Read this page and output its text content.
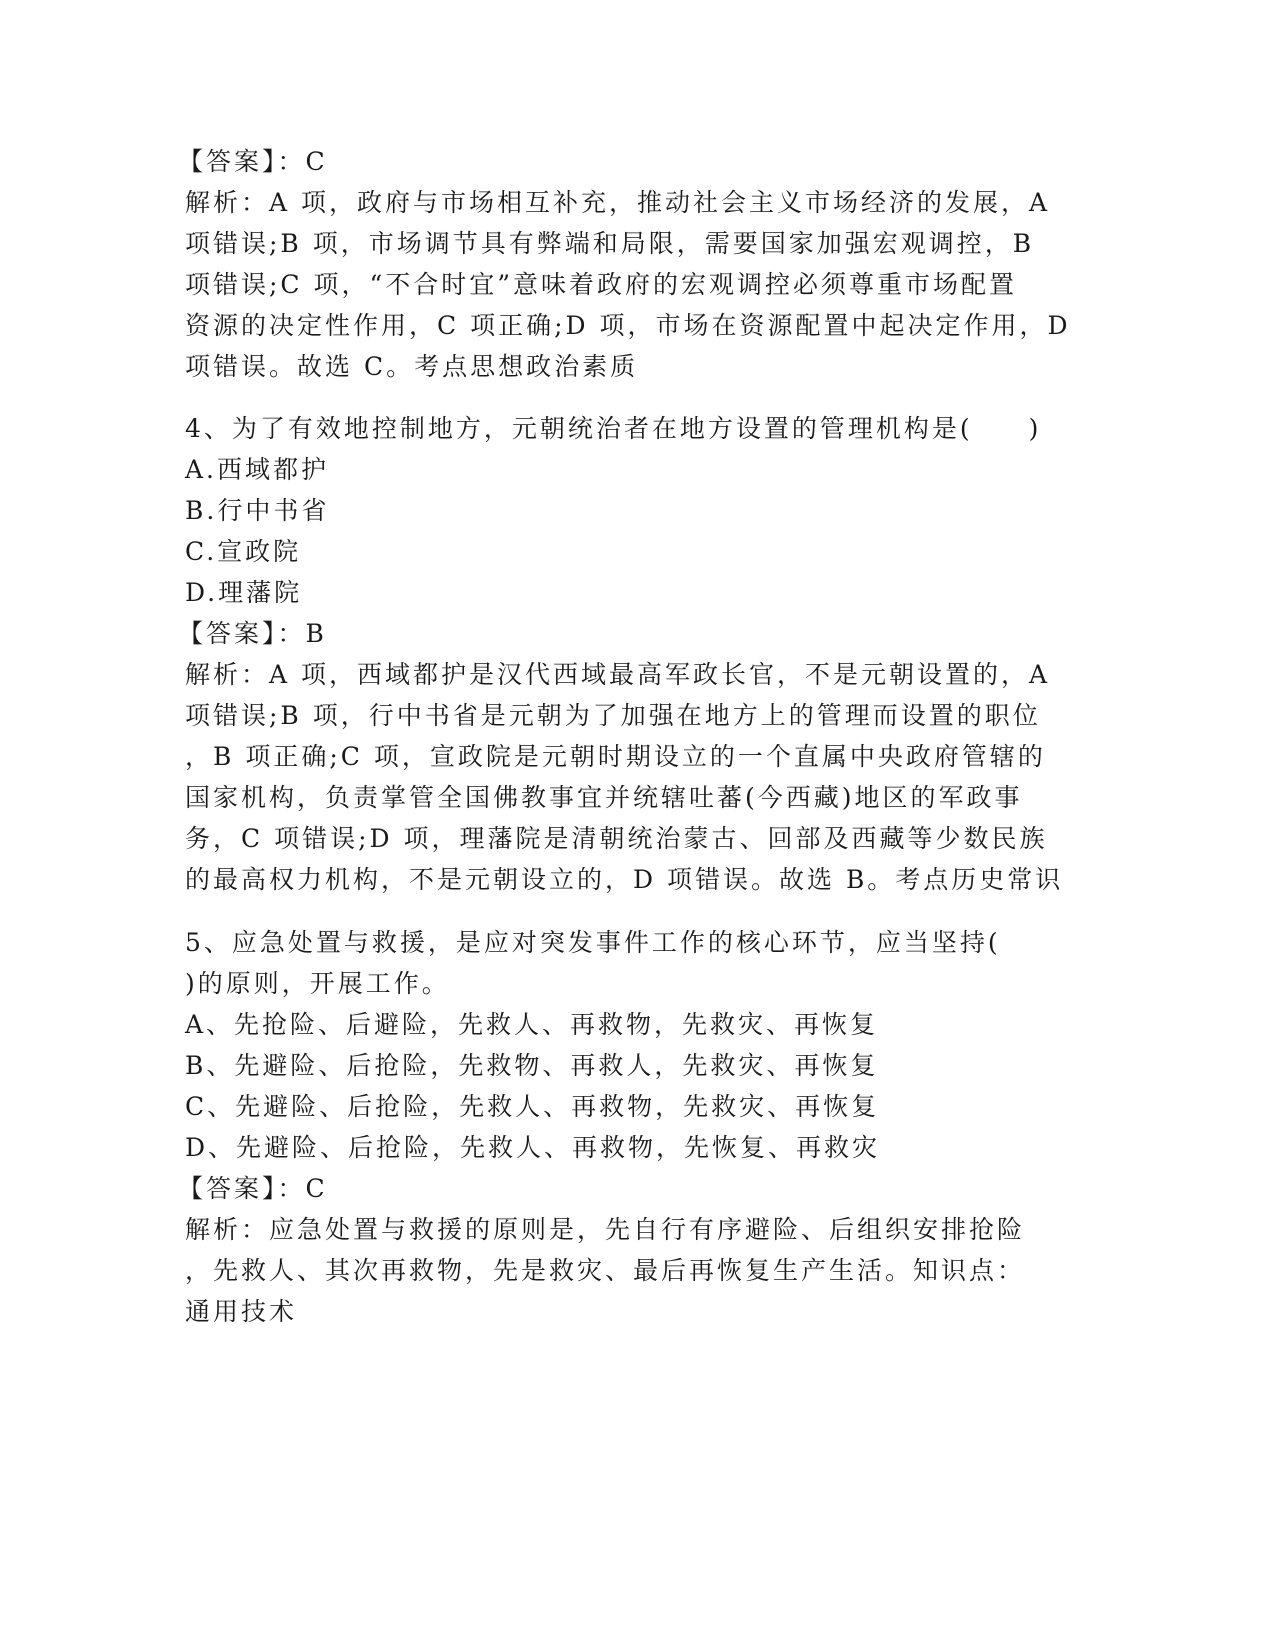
【答案】：C
解析：A 项，政府与市场相互补充，推动社会主义市场经济的发展，A
项错误;B 项，市场调节具有弊端和局限，需要国家加强宏观调控，B
项错误;C 项，“不合时宜”意味着政府的宏观调控必须尊重市场配置
资源的决定性作用，C 项正确;D 项，市场在资源配置中起决定作用，D
项错误。故选 C。考点思想政治素质
4、为了有效地控制地方，元朝统治者在地方设置的管理机构是(　　)
A.西域都护
B.行中书省
C.宣政院
D.理藩院
【答案】：B
解析：A 项，西域都护是汉代西域最高军政长官，不是元朝设置的，A
项错误;B 项，行中书省是元朝为了加强在地方上的管理而设置的职位
，B 项正确;C 项，宣政院是元朝时期设立的一个直属中央政府管辖的
国家机构，负责掌管全国佛教事宜并统辖吐蕃(今西藏)地区的军政事
务，C 项错误;D 项，理藩院是清朝统治蒙古、回部及西藏等少数民族
的最高权力机构，不是元朝设立的，D 项错误。故选 B。考点历史常识
5、应急处置与救援，是应对突发事件工作的核心环节，应当坚持(
)的原则，开展工作。
A、先抢险、后避险，先救人、再救物，先救灾、再恢复
B、先避险、后抢险，先救物、再救人，先救灾、再恢复
C、先避险、后抢险，先救人、再救物，先救灾、再恢复
D、先避险、后抢险，先救人、再救物，先恢复、再救灾
【答案】：C
解析：应急处置与救援的原则是，先自行有序避险、后组织安排抢险
，先救人、其次再救物，先是救灾、最后再恢复生产生活。知识点：
通用技术
